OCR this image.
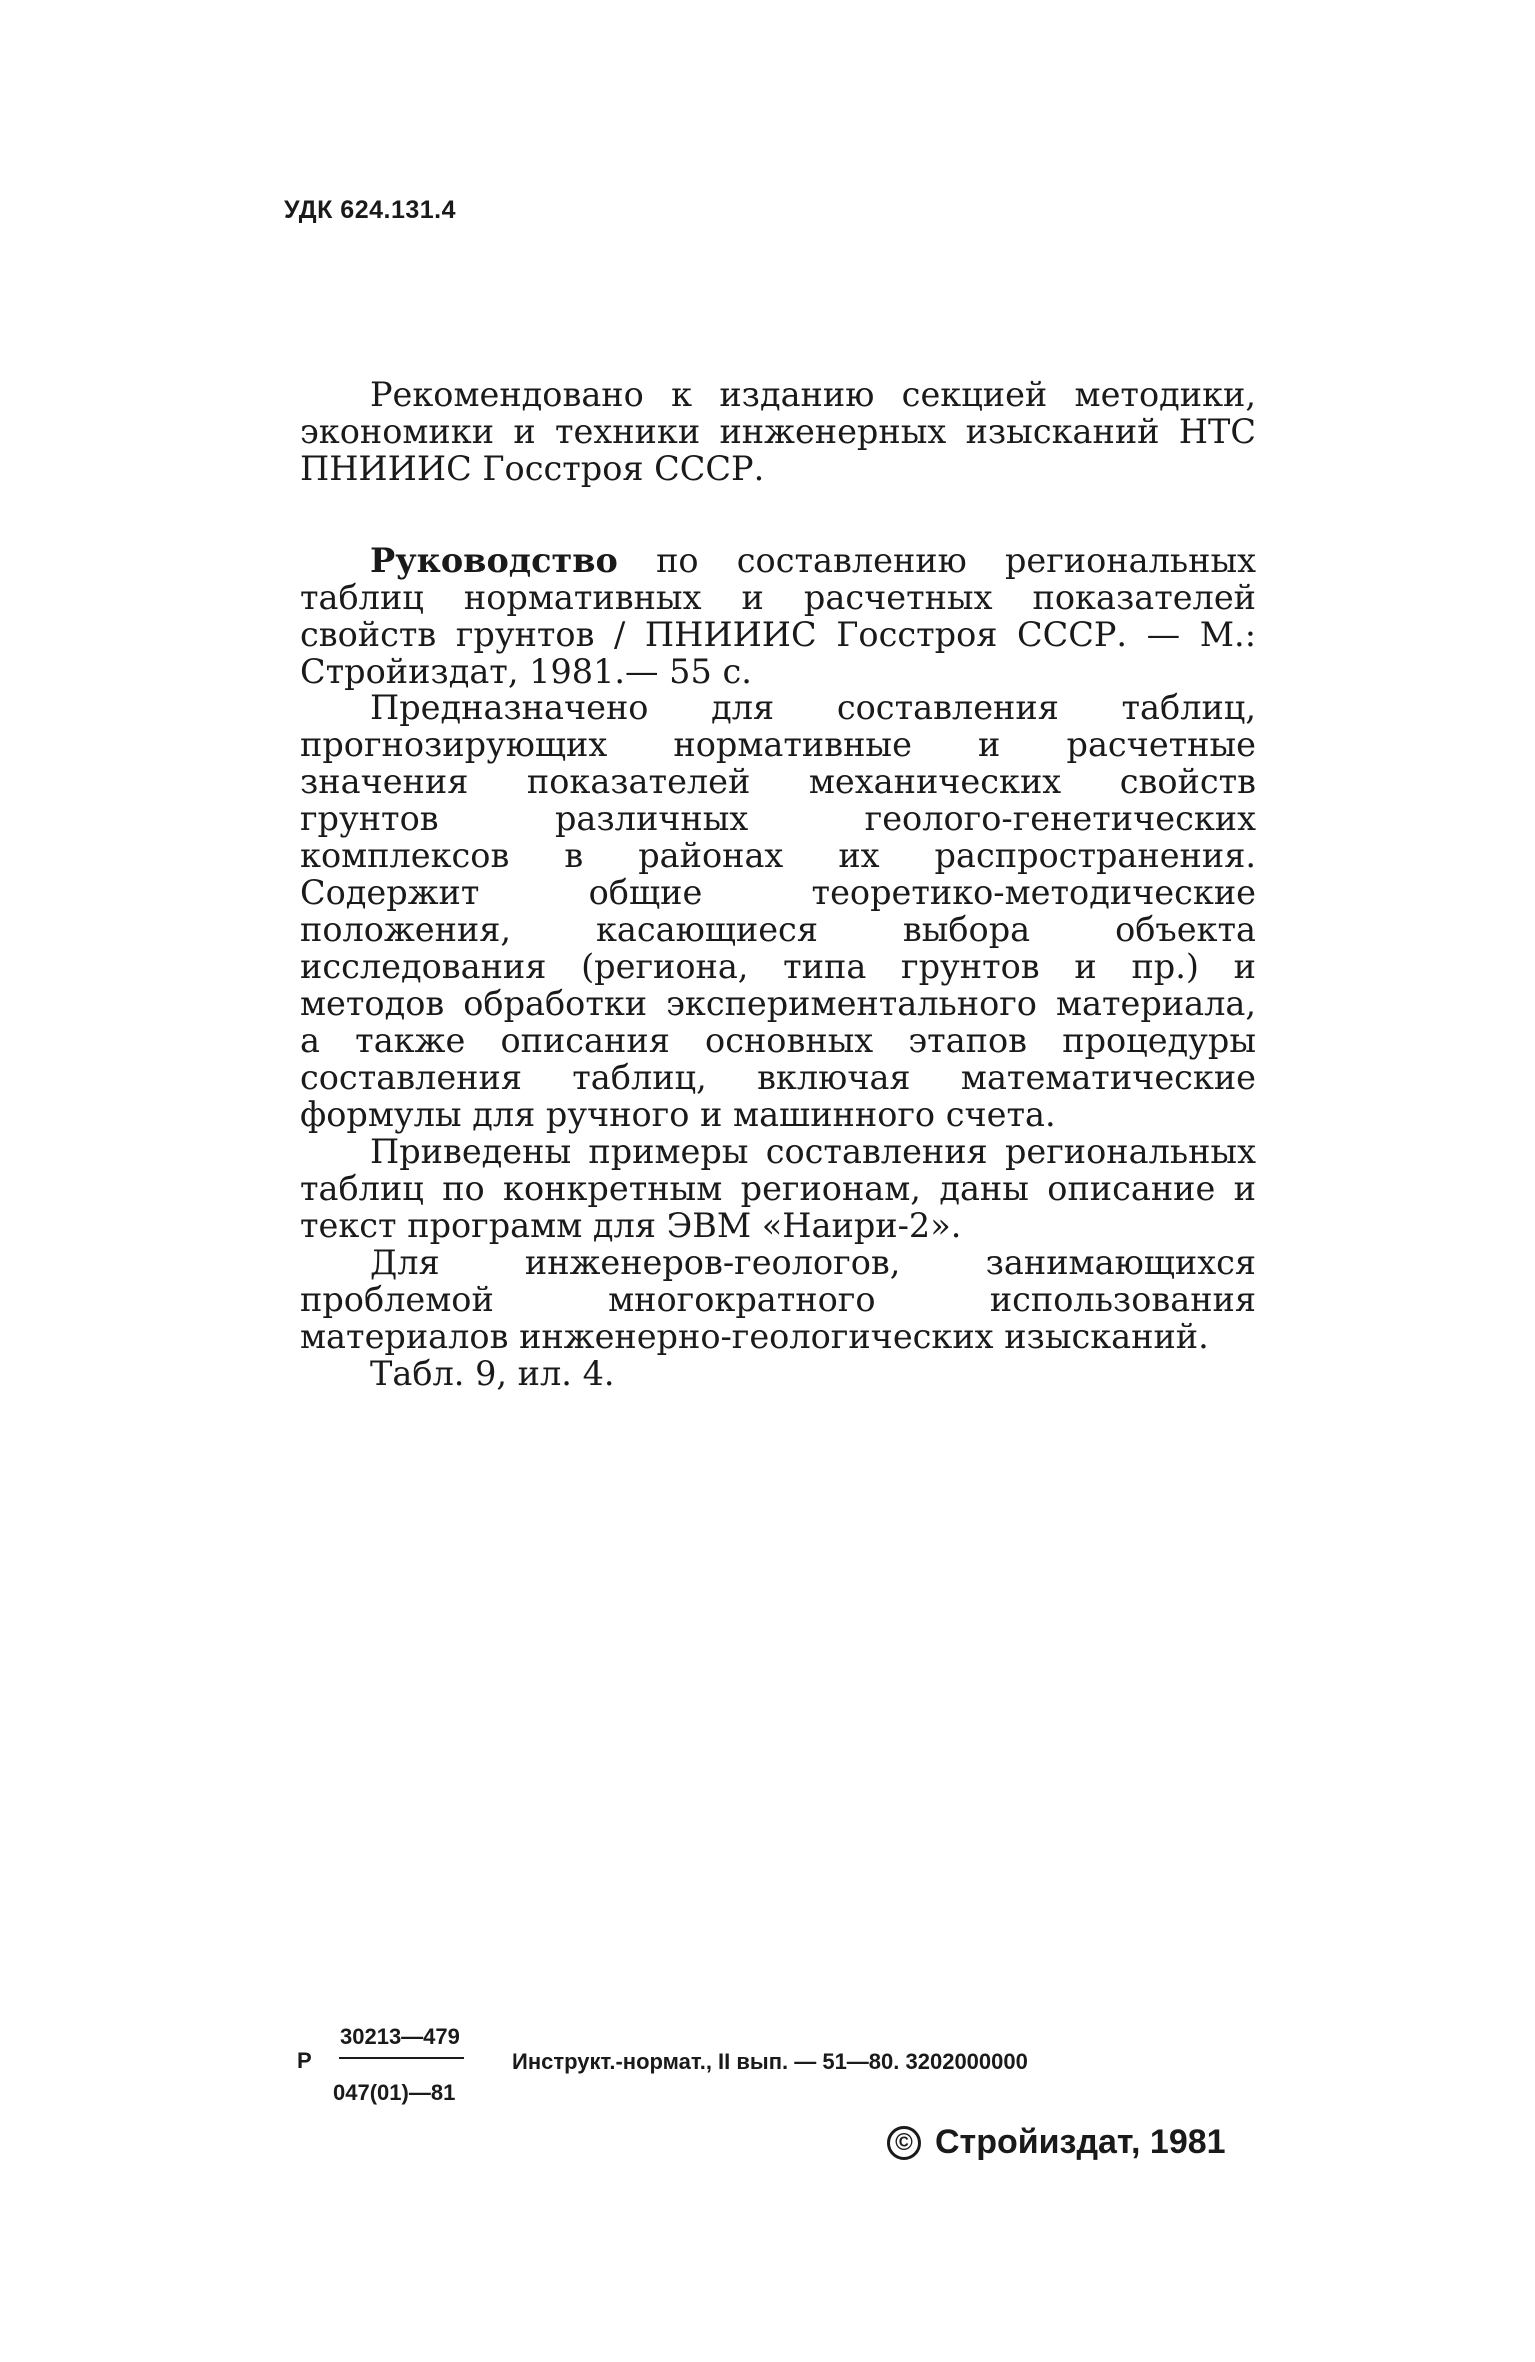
УДК 624.131.4

Рекомендовано к изданию секцией методики, экономики и техники инженерных изысканий НТС ПНИИИС Госстроя СССР.

Руководство по составлению региональных таблиц нормативных и расчетных показателей свойств грунтов / ПНИИИС Госстроя СССР. — М.: Стройиздат, 1981.— 55 с.

Предназначено для составления таблиц, прогнозирующих нормативные и расчетные значения показателей механических свойств грунтов различных геолого-генетических комплексов в районах их распространения. Содержит общие теоретико-методические положения, касающиеся выбора объекта исследования (региона, типа грунтов и пр.) и методов обработки экспериментального материала, а также описания основных этапов процедуры составления таблиц, включая математические формулы для ручного и машинного счета.

Приведены примеры составления региональных таблиц по конкретным регионам, даны описание и текст программ для ЭВМ «Наири-2».

Для инженеров-геологов, занимающихся проблемой многократного использования материалов инженерно-геологических изысканий.

Табл. 9, ил. 4.

Р
30213—479
047(01)—81
Инструкт.-нормат., II вып. — 51—80. 3202000000
© Стройиздат, 1981
